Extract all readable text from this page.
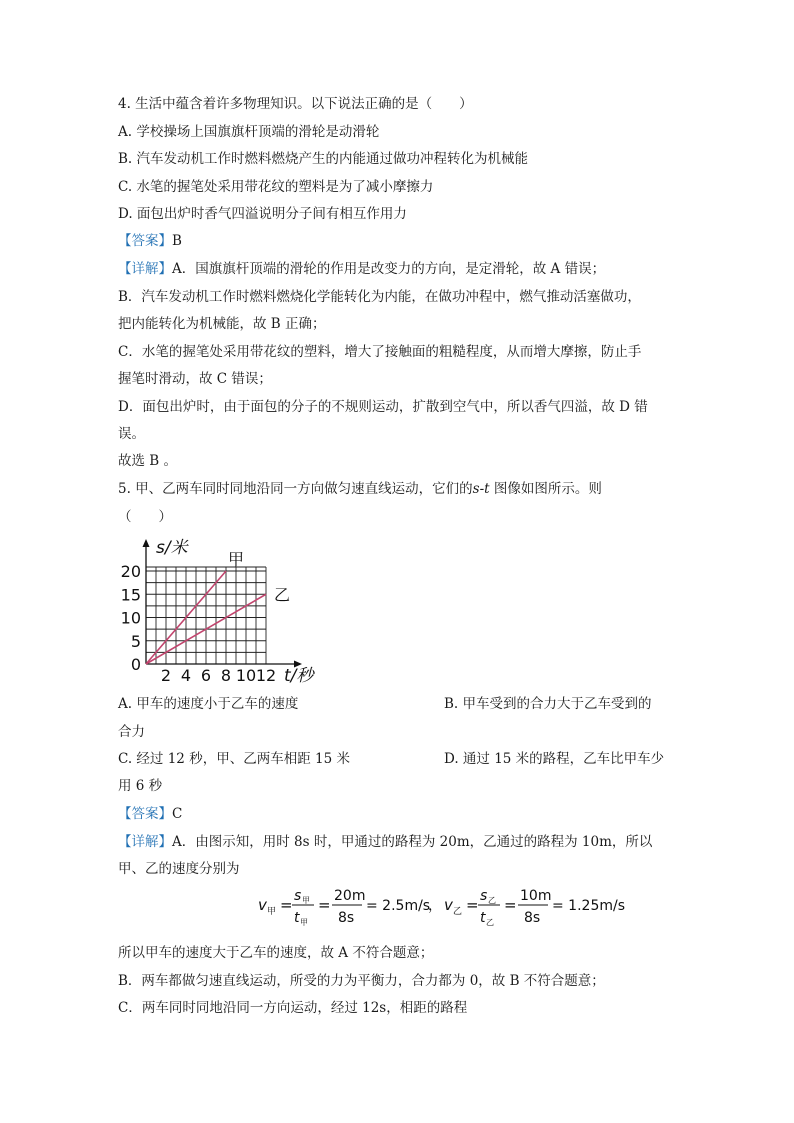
4. 生活中蕴含着许多物理知识。以下说法正确的是（　　）
A. 学校操场上国旗旗杆顶端的滑轮是动滑轮
B. 汽车发动机工作时燃料燃烧产生的内能通过做功冲程转化为机械能
C. 水笔的握笔处采用带花纹的塑料是为了减小摩擦力
D. 面包出炉时香气四溢说明分子间有相互作用力
【答案】B
【详解】A．国旗旗杆顶端的滑轮的作用是改变力的方向，是定滑轮，故 A 错误；
B．汽车发动机工作时燃料燃烧化学能转化为内能，在做功冲程中，燃气推动活塞做功，
把内能转化为机械能，故 B 正确；
C．水笔的握笔处采用带花纹的塑料，增大了接触面的粗糙程度，从而增大摩擦，防止手
握笔时滑动，故 C 错误；
D．面包出炉时，由于面包的分子的不规则运动，扩散到空气中，所以香气四溢，故 D 错
误。
故选 B 。
5. 甲、乙两车同时同地沿同一方向做匀速直线运动，它们的s-t 图像如图所示。则
（　　）
0
5
10
15
20
2 4 6 8 10 12
甲
乙
s/米
t/秒
A. 甲车的速度小于乙车的速度	B. 甲车受到的合力大于乙车受到的
合力
C. 经过 12 秒，甲、乙两车相距 15 米	D. 通过 15 米的路程，乙车比甲车少
用 6 秒
【答案】C
【详解】A．由图示知，用时 8s 时，甲通过的路程为 20m，乙通过的路程为 10m，所以
甲、乙的速度分别为
v 甲 = s 甲
t 甲
= 20m
8s
= 2.5m/s
， v 乙 = s 乙
t 乙
= 10m
8s
= 1.25m/s
所以甲车的速度大于乙车的速度，故 A 不符合题意；
B．两车都做匀速直线运动，所受的力为平衡力，合力都为 0，故 B 不符合题意；
C．两车同时同地沿同一方向运动，经过 12s，相距的路程
